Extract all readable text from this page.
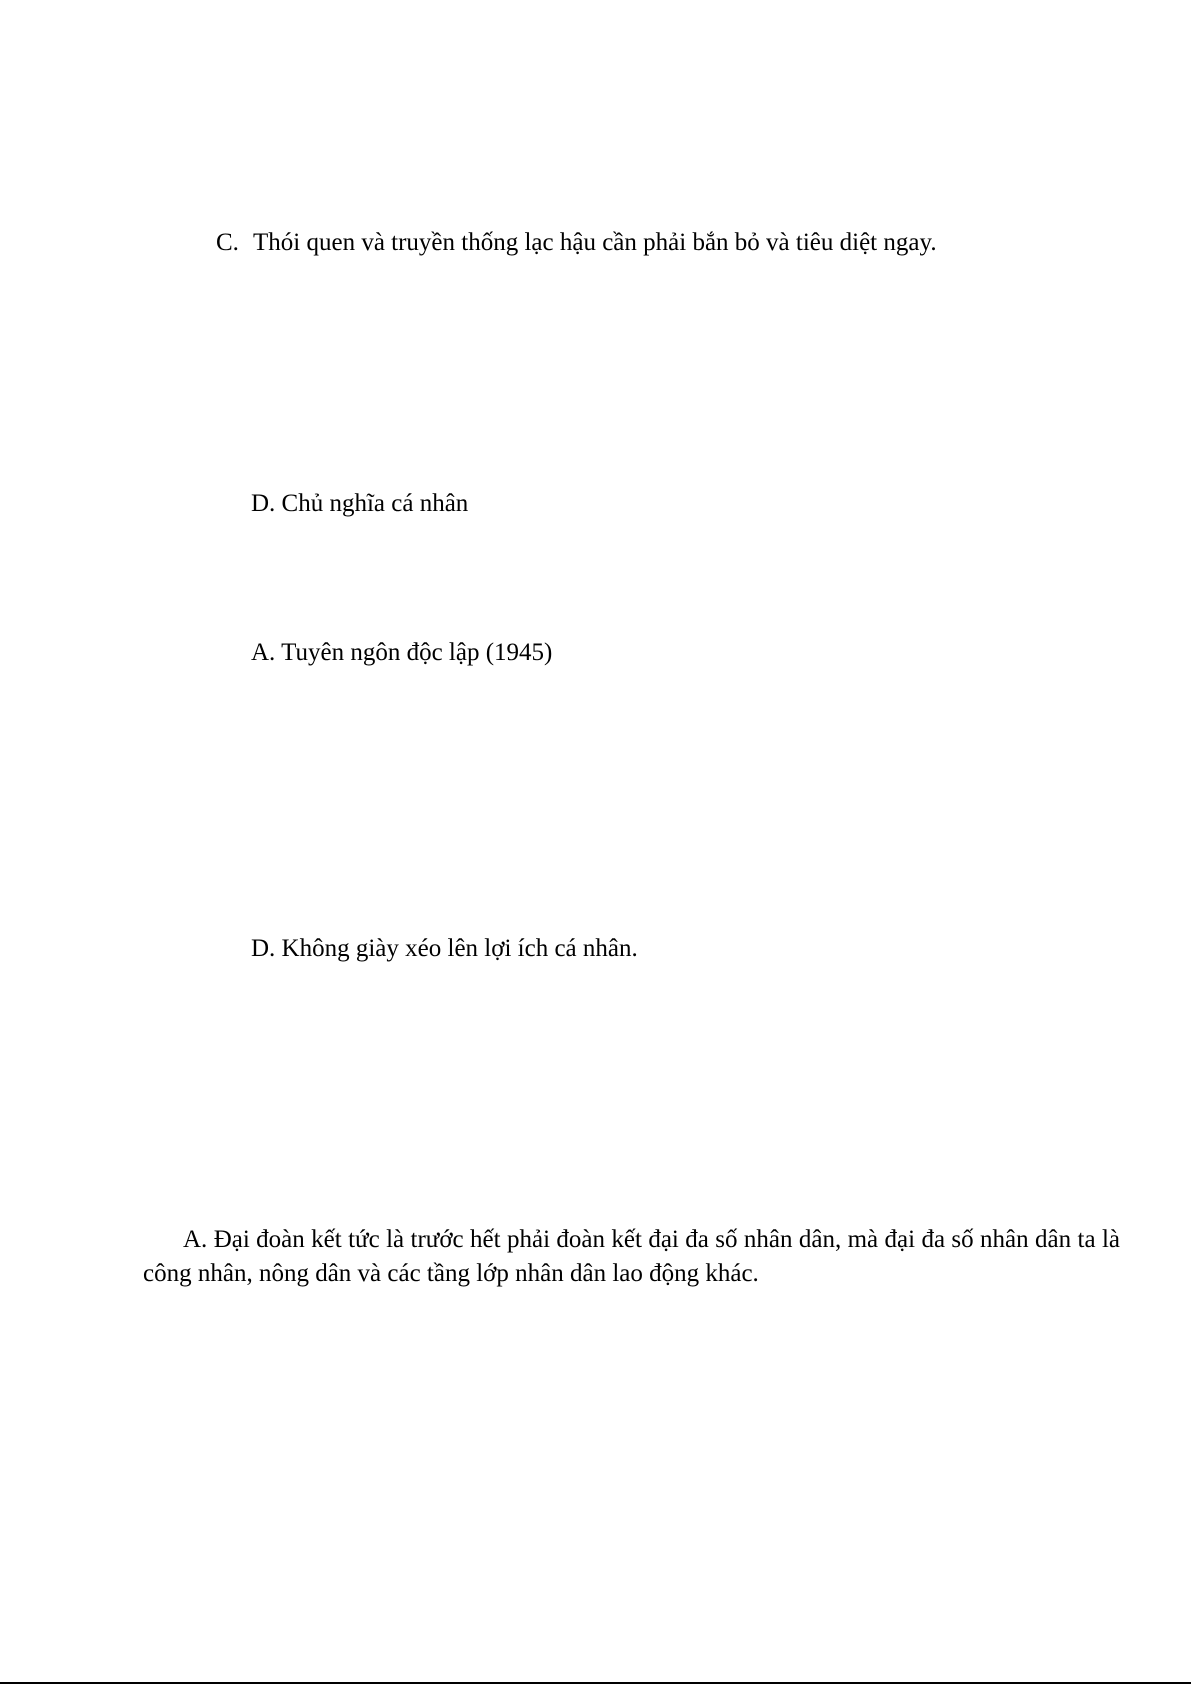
C. Thói quen và truyền thống lạc hậu cần phải bắn bỏ và tiêu diệt ngay.
D. Chủ nghĩa cá nhân
A. Tuyên ngôn độc lập (1945)
D. Không giày xéo lên lợi ích cá nhân.

A. Đại đoàn kết tức là trước hết phải đoàn kết đại đa số nhân dân, mà đại đa số nhân dân ta là công nhân, nông dân và các tầng lớp nhân dân lao động khác.
